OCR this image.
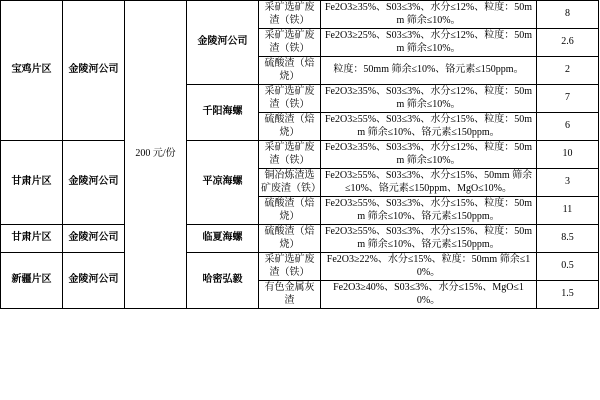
宝鸡片区	金陵河公司	200 元/份	金陵河公司	采矿选矿废渣（铁）	Fe2O3≥35%、S03≤3%、水分≤12%、粒度：50mm 筛余≤10%。	8
				采矿选矿废渣（铁）	Fe2O3≥25%、S03≤3%、水分≤12%、粒度：50mm 筛余≤10%。	2.6
				硫酸渣（焙烧）	粒度：50mm 筛余≤10%、铬元素≤150ppm。	2
			千阳海螺	采矿选矿废渣（铁）	Fe2O3≥35%、S03≤3%、水分≤12%、粒度：50mm 筛余≤10%。	7
				硫酸渣（焙烧）	Fe2O3≥55%、S03≤3%、水分≤15%、粒度：50mm 筛余≤10%、铬元素≤150ppm。	6
甘肃片区	金陵河公司		平凉海螺	采矿选矿废渣（铁）	Fe2O3≥35%、S03≤3%、水分≤12%、粒度：50mm 筛余≤10%。	10
				铜冶炼渣选矿废渣（铁）	Fe2O3≥55%、S03≤3%、水分≤15%、50mm 筛余≤10%、铬元素≤150ppm、MgO≤10%。	3
				硫酸渣（焙烧）	Fe2O3≥55%、S03≤3%、水分≤15%、粒度：50mm 筛余≤10%、铬元素≤150ppm。	11
甘肃片区	金陵河公司		临夏海螺	硫酸渣（焙烧）	Fe2O3≥55%、S03≤3%、水分≤15%、粒度：50mm 筛余≤10%、铬元素≤150ppm。	8.5
新疆片区	金陵河公司		哈密弘毅	采矿选矿废渣（铁）	Fe2O3≥22%、水分≤15%、粒度：50mm 筛余≤10%。	0.5
				有色金属灰渣	Fe2O3≥40%、S03≤3%、水分≤15%、MgO≤10%。	1.5
